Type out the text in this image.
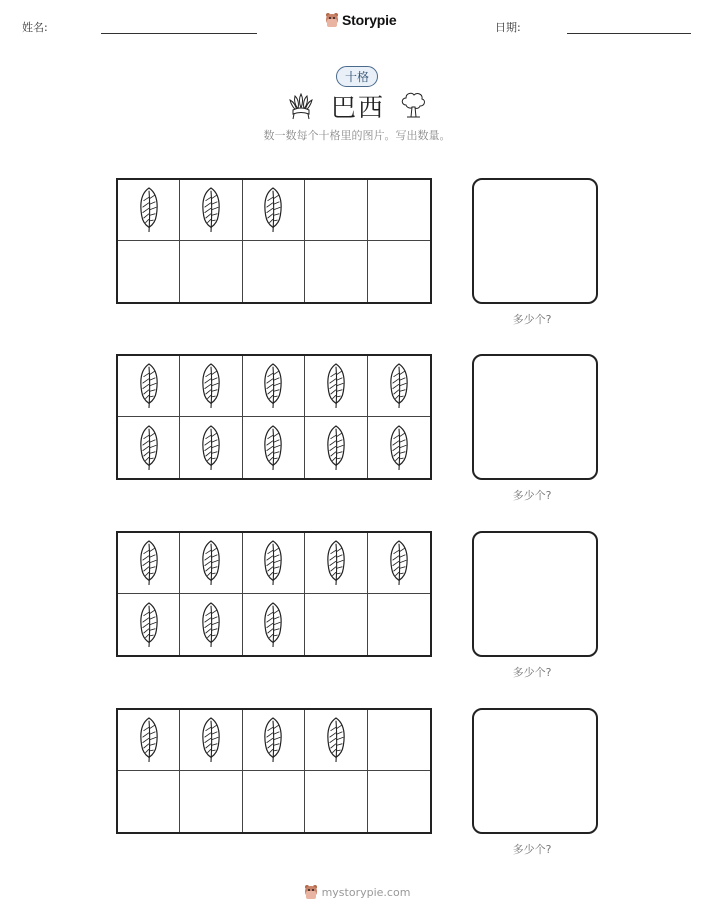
姓名:	Storypie	日期:
十格
巴西
数一数每个十格里的图片。写出数量。
多少个?
多少个?
多少个?
多少个?
mystorypie.com
